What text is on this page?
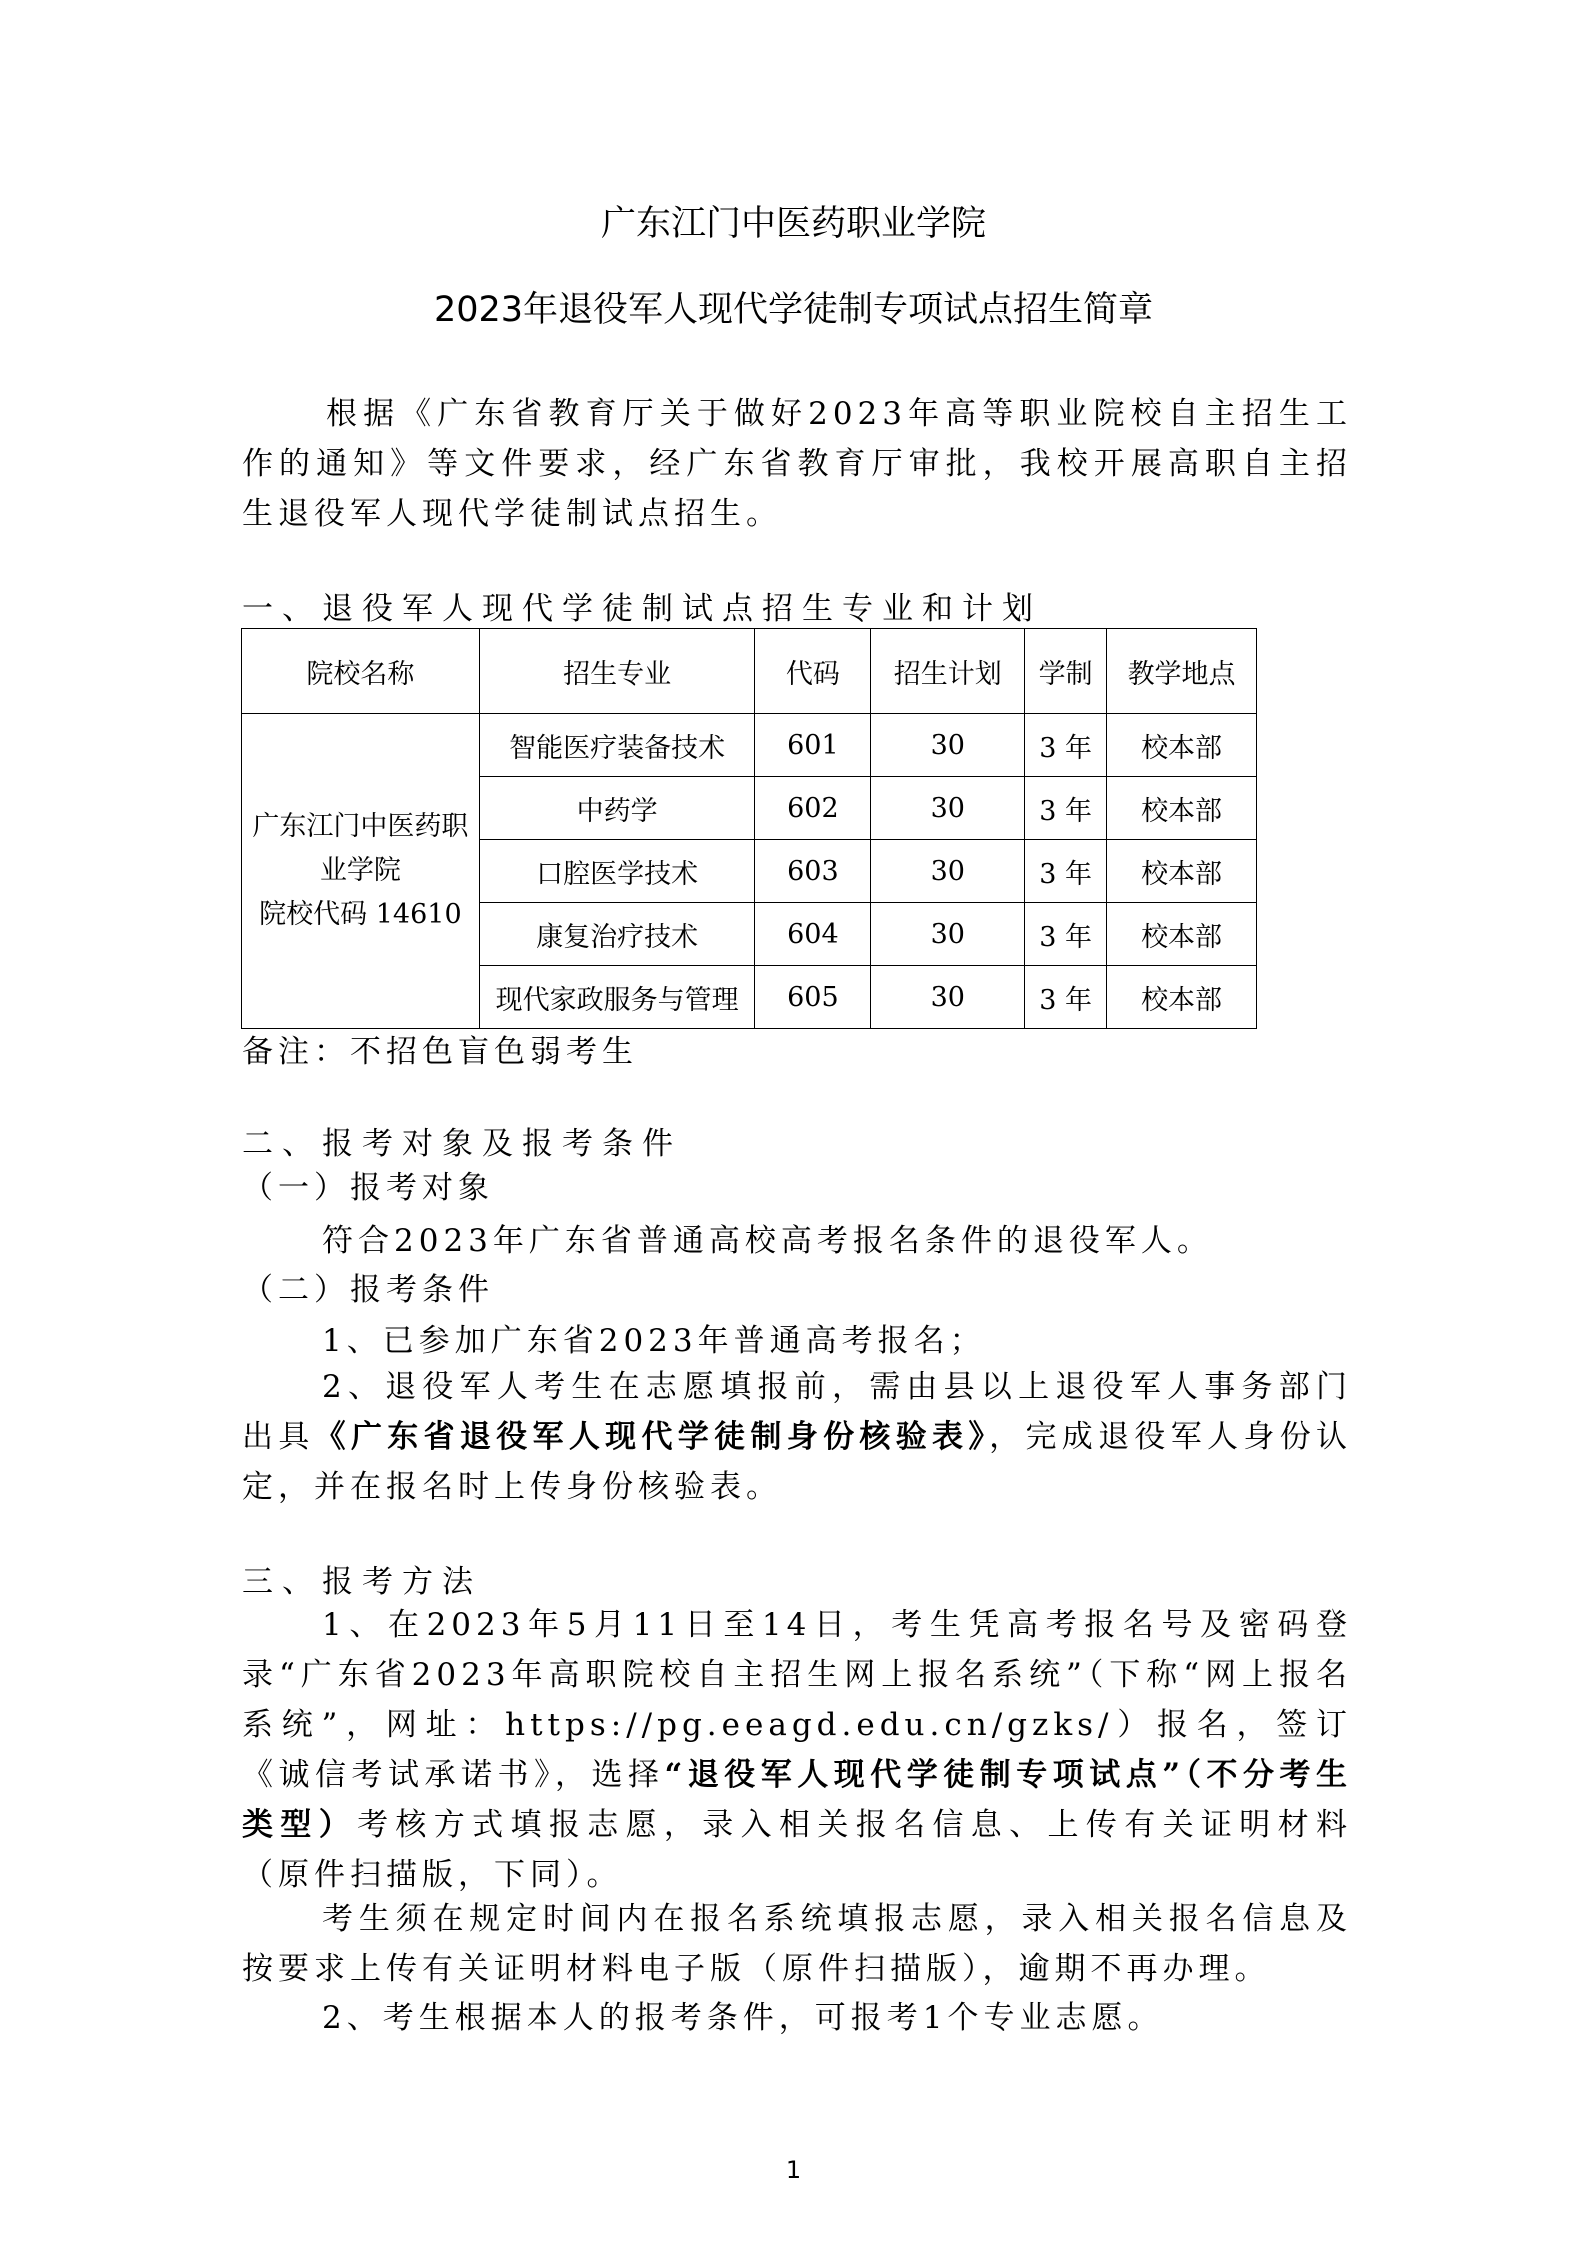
广东江门中医药职业学院
2023年退役军人现代学徒制专项试点招生简章
根据《广东省教育厅关于做好2023年高等职业院校自主招生工作的通知》等文件要求，经广东省教育厅审批，我校开展高职自主招生退役军人现代学徒制试点招生。
一、退役军人现代学徒制试点招生专业和计划
院校名称	招生专业	代码	招生计划	学制	教学地点

广东江门中医药职
业学院
院校代码 14610	智能医疗装备技术	601	30	3 年	校本部
	中药学	602	30	3 年	校本部
	口腔医学技术	603	30	3 年	校本部
	康复治疗技术	604	30	3 年	校本部
	现代家政服务与管理	605	30	3 年	校本部
备注：不招色盲色弱考生
二、报考对象及报考条件
（一）报考对象
符合2023年广东省普通高校高考报名条件的退役军人。
（二）报考条件
1、已参加广东省2023年普通高考报名；
2、退役军人考生在志愿填报前，需由县以上退役军人事务部门出具《广东省退役军人现代学徒制身份核验表》，完成退役军人身份认定，并在报名时上传身份核验表。
三、报考方法
1、在2023年5月11日至14日，考生凭高考报名号及密码登录“广东省2023年高职院校自主招生网上报名系统”（下称“网上报名系统”，网址：https://pg.eeagd.edu.cn/gzks/）报名，签订《诚信考试承诺书》，选择“退役军人现代学徒制专项试点”（不分考生类型）考核方式填报志愿，录入相关报名信息、上传有关证明材料（原件扫描版，下同）。
考生须在规定时间内在报名系统填报志愿，录入相关报名信息及按要求上传有关证明材料电子版（原件扫描版），逾期不再办理。
2、考生根据本人的报考条件，可报考1个专业志愿。
1
